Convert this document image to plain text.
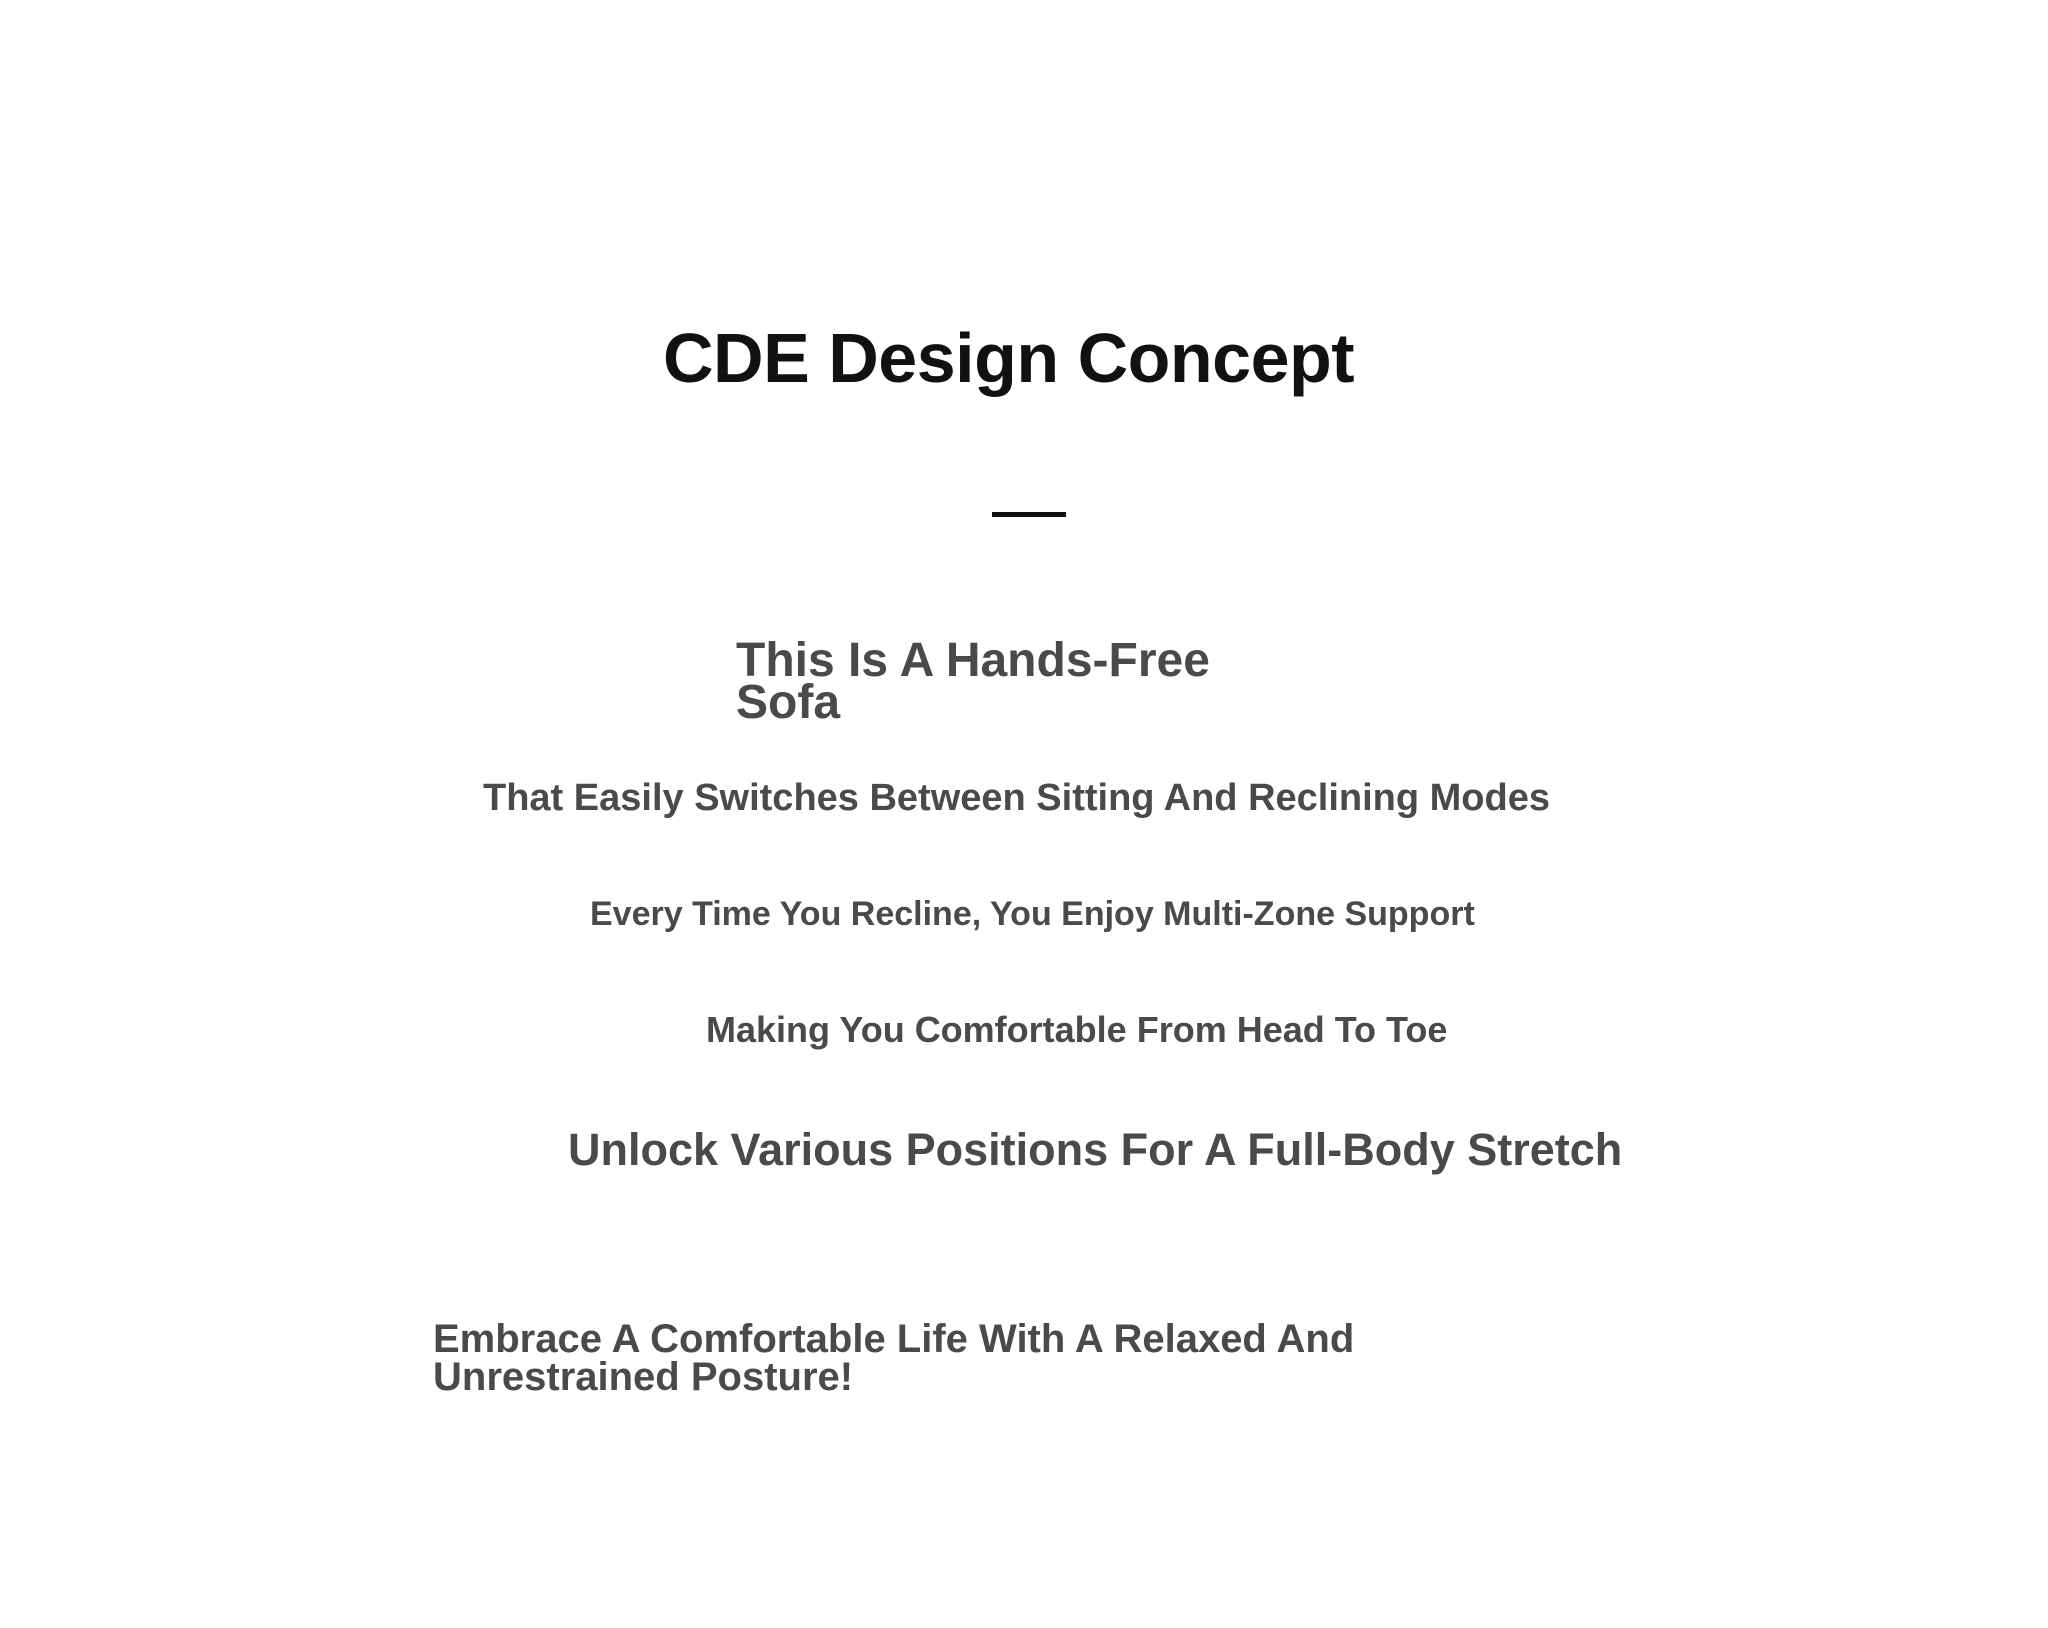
CDE Design Concept

This Is A Hands-Free Sofa

That Easily Switches Between Sitting And Reclining Modes

Every Time You Recline, You Enjoy Multi-Zone Support

Making You Comfortable From Head To Toe

Unlock Various Positions For A Full-Body Stretch

Embrace A Comfortable Life With A Relaxed And Unrestrained Posture!
